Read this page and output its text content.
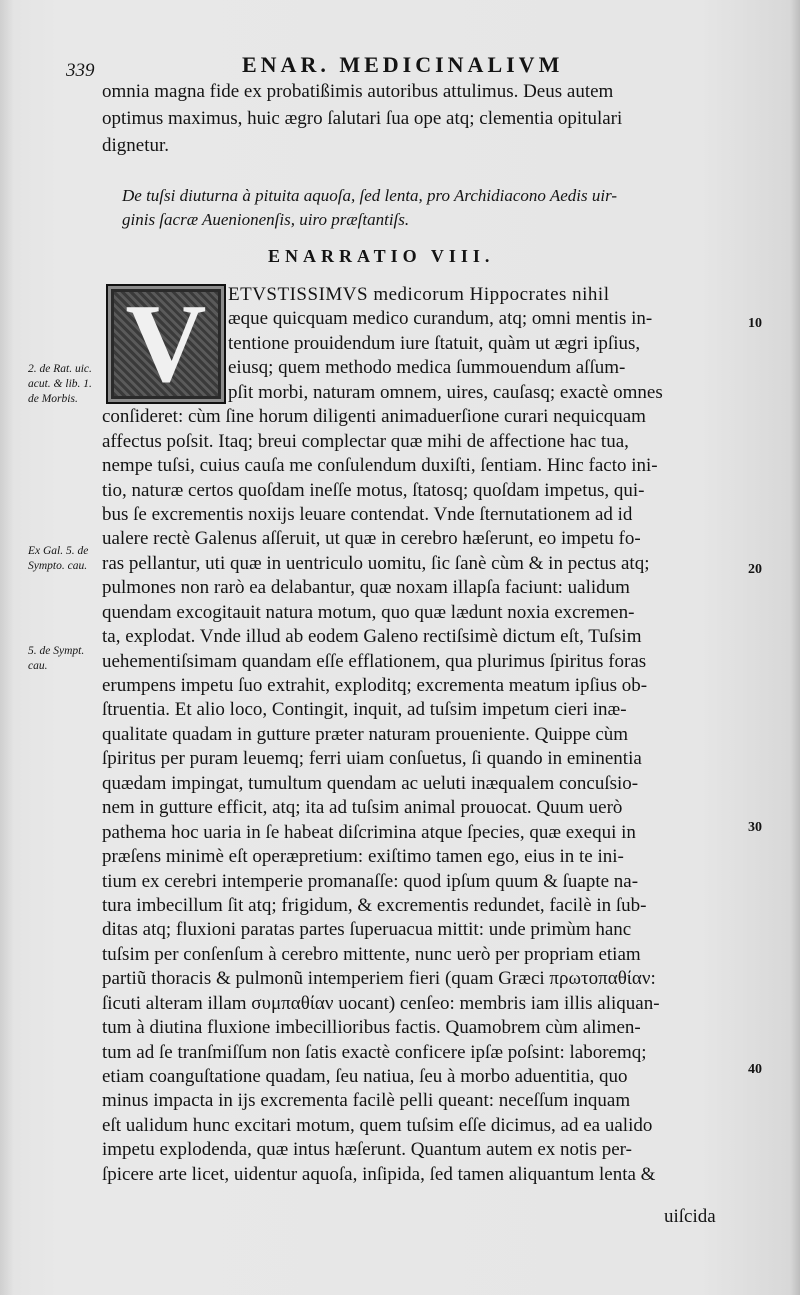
339	ENAR. MEDICINALIVM
omnia magna fide ex probatißimis autoribus attulimus. Deus autem
optimus maximus, huic ægro ſalutari ſua ope atq; clementia opitulari
dignetur.
De tuſsi diuturna à pituita aquoſa, ſed lenta, pro Archidiacono Aedis uir-
ginis ſacræ Auenionenſis, uiro præſtantiſs.
ENARRATIO VIII.
V	ETVSTISSIMVS medicorum Hippocrates nihil
æque quicquam medico curandum, atq; omni mentis in-
tentione prouidendum iure ſtatuit, quàm ut ægri ipſius,
eiusq; quem methodo medica ſummouendum aſſum-
pſit morbi, naturam omnem, uires, cauſasq; exactè omnes
conſideret: cùm ſine horum diligenti animaduerſione curari nequicquam
affectus poſsit. Itaq; breui complectar quæ mihi de affectione hac tua,
nempe tuſsi, cuius cauſa me conſulendum duxiſti, ſentiam. Hinc facto ini-
tio, naturæ certos quoſdam ineſſe motus, ſtatosq; quoſdam impetus, qui-
bus ſe excrementis noxijs leuare contendat. Vnde ſternutationem ad id
ualere rectè Galenus aſſeruit, ut quæ in cerebro hæſerunt, eo impetu fo-
ras pellantur, uti quæ in uentriculo uomitu, ſic ſanè cùm & in pectus atq;
pulmones non rarò ea delabantur, quæ noxam illapſa faciunt: ualidum
quendam excogitauit natura motum, quo quæ lædunt noxia excremen-
ta, explodat. Vnde illud ab eodem Galeno rectiſsimè dictum eſt, Tuſsim
uehementiſsimam quandam eſſe efflationem, qua plurimus ſpiritus foras
erumpens impetu ſuo extrahit, exploditq; excrementa meatum ipſius ob-
ſtruentia. Et alio loco, Contingit, inquit, ad tuſsim impetum cieri inæ-
qualitate quadam in gutture præter naturam proueniente. Quippe cùm
ſpiritus per puram leuemq; ferri uiam conſuetus, ſi quando in eminentia
quædam impingat, tumultum quendam ac ueluti inæqualem concuſsio-
nem in gutture efficit, atq; ita ad tuſsim animal prouocat. Quum uerò
pathema hoc uaria in ſe habeat diſcrimina atque ſpecies, quæ exequi in
præſens minimè eſt operæpretium: exiſtimo tamen ego, eius in te ini-
tium ex cerebri intemperie promanaſſe: quod ipſum quum & ſuapte na-
tura imbecillum ſit atq; frigidum, & excrementis redundet, facilè in ſub-
ditas atq; fluxioni paratas partes ſuperuacua mittit: unde primùm hanc
tuſsim per conſenſum à cerebro mittente, nunc uerò per propriam etiam
partiũ thoracis & pulmonũ intemperiem fieri (quam Græci πρωτοπαθίαν:
ſicuti alteram illam συμπαθίαν uocant) cenſeo: membris iam illis aliquan-
tum à diutina fluxione imbecillioribus factis. Quamobrem cùm alimen-
tum ad ſe tranſmiſſum non ſatis exactè conficere ipſæ poſsint: laboremq;
etiam coanguſtatione quadam, ſeu natiua, ſeu à morbo aduentitia, quo
minus impacta in ijs excrementa facilè pelli queant: neceſſum inquam
eſt ualidum hunc excitari motum, quem tuſsim eſſe dicimus, ad ea ualido
impetu explodenda, quæ intus hæſerunt. Quantum autem ex notis per-
ſpicere arte licet, uidentur aquoſa, inſipida, ſed tamen aliquantum lenta &
2. de Rat. uic. acut. & lib. 1. de Morbis.
Ex Gal. 5. de Sympto. cau.
5. de Sympt. cau.
10
20
30
40
uiſcida
